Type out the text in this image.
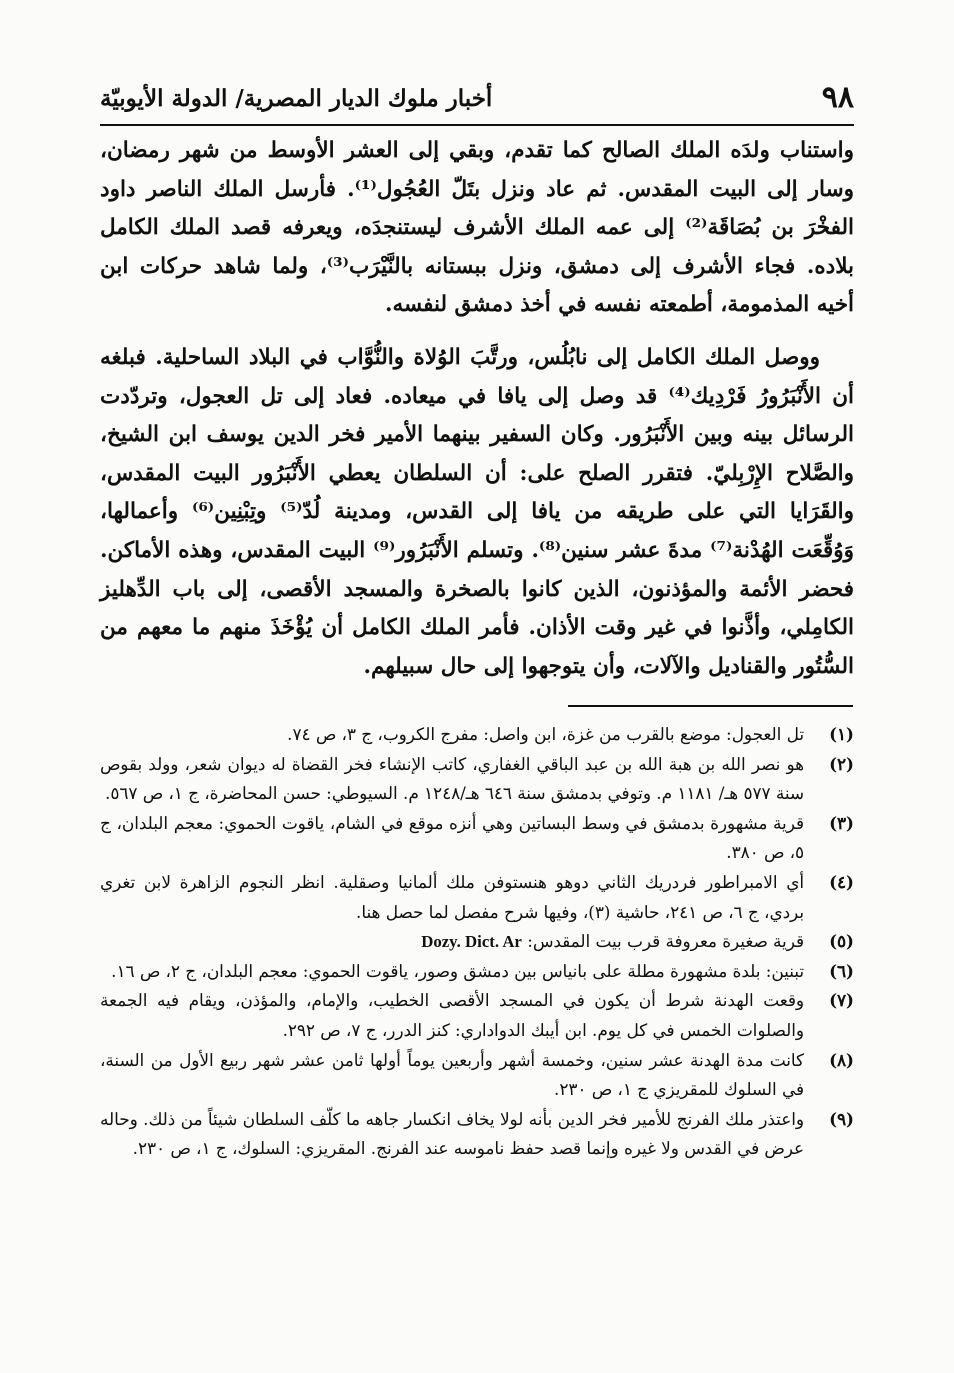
٩٨
أخبار ملوك الديار المصرية/ الدولة الأيوبيّة

واستناب ولدَه الملك الصالح كما تقدم، وبقي إلى العشر الأوسط من شهر رمضان، وسار إلى البيت المقدس. ثم عاد ونزل بتَلّ العُجُول⁽¹⁾. فأرسل الملك الناصر داود الفخْرَ بن بُصَاقَة⁽²⁾ إلى عمه الملك الأشرف ليستنجدَه، ويعرفه قصد الملك الكامل بلاده. فجاء الأشرف إلى دمشق، ونزل ببستانه بالنَّيْرَب⁽³⁾، ولما شاهد حركات ابن أخيه المذمومة، أطمعته نفسه في أخذ دمشق لنفسه.

ووصل الملك الكامل إلى نابُلُس، ورتَّبَ الوُلاة والنُّوَّاب في البلاد الساحلية. فبلغه أن الأَنْبَرُورُ فَرْدِيك⁽⁴⁾ قد وصل إلى يافا في ميعاده. فعاد إلى تل العجول، وتردّدت الرسائل بينه وبين الأَنْبَرُور. وكان السفير بينهما الأمير فخر الدين يوسف ابن الشيخ، والصَّلاح الإِرْبِليّ. فتقرر الصلح على: أن السلطان يعطي الأَنْبَرُور البيت المقدس، والقَرَايا التي على طريقه من يافا إلى القدس، ومدينة لُدّ⁽⁵⁾ وتِبْنِين⁽⁶⁾ وأعمالها، وَوُقِّعَت الهُدْنة⁽⁷⁾ مدةَ عشر سنين⁽⁸⁾. وتسلم الأَنْبَرُور⁽⁹⁾ البيت المقدس، وهذه الأماكن. فحضر الأئمة والمؤذنون، الذين كانوا بالصخرة والمسجد الأقصى، إلى باب الدِّهليز الكامِلي، وأذَّنوا في غير وقت الأذان. فأمر الملك الكامل أن يُؤْخَذَ منهم ما معهم من السُّتُور والقناديل والآلات، وأن يتوجهوا إلى حال سبيلهم.

(١)
تل العجول: موضع بالقرب من غزة، ابن واصل: مفرج الكروب، ج ٣، ص ٧٤.
(٢)
هو نصر الله بن هبة الله بن عبد الباقي الغفاري، كاتب الإنشاء فخر القضاة له ديوان شعر، وولد بقوص سنة ٥٧٧ هـ/ ١١٨١ م. وتوفي بدمشق سنة ٦٤٦ هـ/١٢٤٨ م. السيوطي: حسن المحاضرة، ج ١، ص ٥٦٧.
(٣)
قرية مشهورة بدمشق في وسط البساتين وهي أنزه موقع في الشام، ياقوت الحموي: معجم البلدان، ج ٥، ص ٣٨٠.
(٤)
أي الامبراطور فردريك الثاني دوهو هنستوفن ملك ألمانيا وصقلية. انظر النجوم الزاهرة لابن تغري بردي، ج ٦، ص ٢٤١، حاشية (٣)، وفيها شرح مفصل لما حصل هنا.
(٥)
قرية صغيرة معروفة قرب بيت المقدس: Dozy. Dict. Ar
(٦)
تبنين: بلدة مشهورة مطلة على بانياس بين دمشق وصور، ياقوت الحموي: معجم البلدان، ج ٢، ص ١٦.
(٧)
وقعت الهدنة شرط أن يكون في المسجد الأقصى الخطيب، والإمام، والمؤذن، ويقام فيه الجمعة والصلوات الخمس في كل يوم. ابن أيبك الدواداري: كنز الدرر، ج ٧، ص ٢٩٢.
(٨)
كانت مدة الهدنة عشر سنين، وخمسة أشهر وأربعين يوماً أولها ثامن عشر شهر ربيع الأول من السنة، في السلوك للمقريزي ج ١، ص ٢٣٠.
(٩)
واعتذر ملك الفرنج للأمير فخر الدين بأنه لولا يخاف انكسار جاهه ما كلّف السلطان شيئاً من ذلك. وحاله عرض في القدس ولا غيره وإنما قصد حفظ ناموسه عند الفرنج. المقريزي: السلوك، ج ١، ص ٢٣٠.
